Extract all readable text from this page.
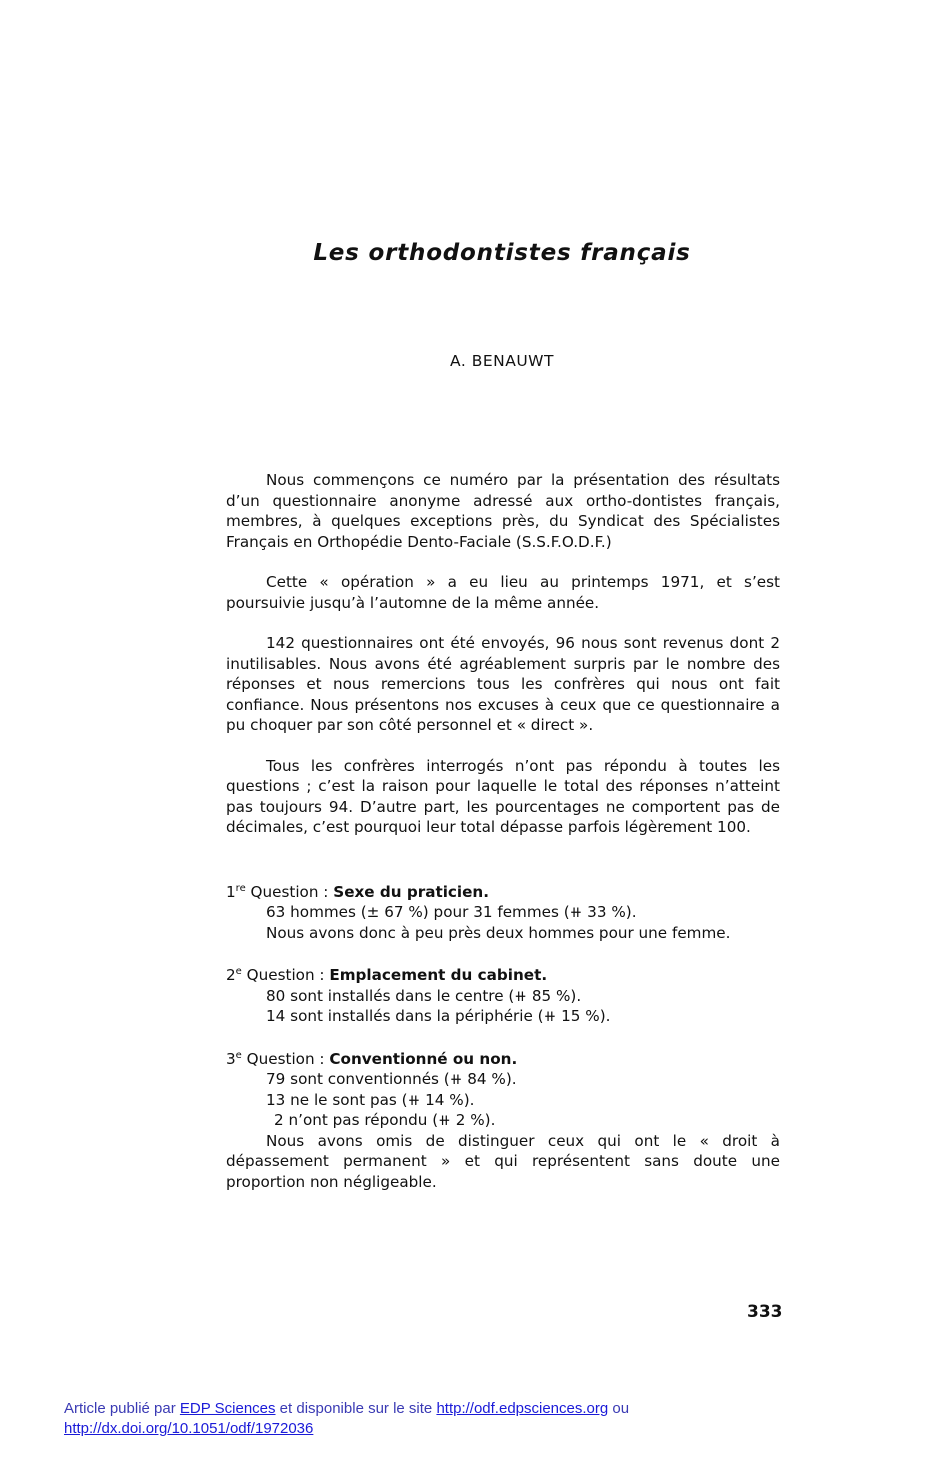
Les orthodontistes français
A. BENAUWT

Nous commençons ce numéro par la présentation des résultats d’un questionnaire anonyme adressé aux ortho-dontistes français, membres, à quelques exceptions près, du Syndicat des Spécialistes Français en Orthopédie Dento-Faciale (S.S.F.O.D.F.)

Cette « opération » a eu lieu au printemps 1971, et s’est poursuivie jusqu’à l’automne de la même année.

142 questionnaires ont été envoyés, 96 nous sont revenus dont 2 inutilisables. Nous avons été agréablement surpris par le nombre des réponses et nous remercions tous les confrères qui nous ont fait confiance. Nous présentons nos excuses à ceux que ce questionnaire a pu choquer par son côté personnel et « direct ».

Tous les confrères interrogés n’ont pas répondu à toutes les questions ; c’est la raison pour laquelle le total des réponses n’atteint pas toujours 94. D’autre part, les pourcentages ne comportent pas de décimales, c’est pourquoi leur total dépasse parfois légèrement 100.

1re Question : Sexe du praticien.

63 hommes (± 67 %) pour 31 femmes (⧺ 33 %).

Nous avons donc à peu près deux hommes pour une femme.

2e Question : Emplacement du cabinet.

80 sont installés dans le centre (⧺ 85 %).

14 sont installés dans la périphérie (⧺ 15 %).

3e Question : Conventionné ou non.

79 sont conventionnés (⧺ 84 %).

13 ne le sont pas (⧺ 14 %).

2 n’ont pas répondu (⧺ 2 %).

Nous avons omis de distinguer ceux qui ont le « droit à dépassement permanent » et qui représentent sans doute une proportion non négligeable.

333
Article publié par EDP Sciences et disponible sur le site http://odf.edpsciences.org ou
http://dx.doi.org/10.1051/odf/1972036
